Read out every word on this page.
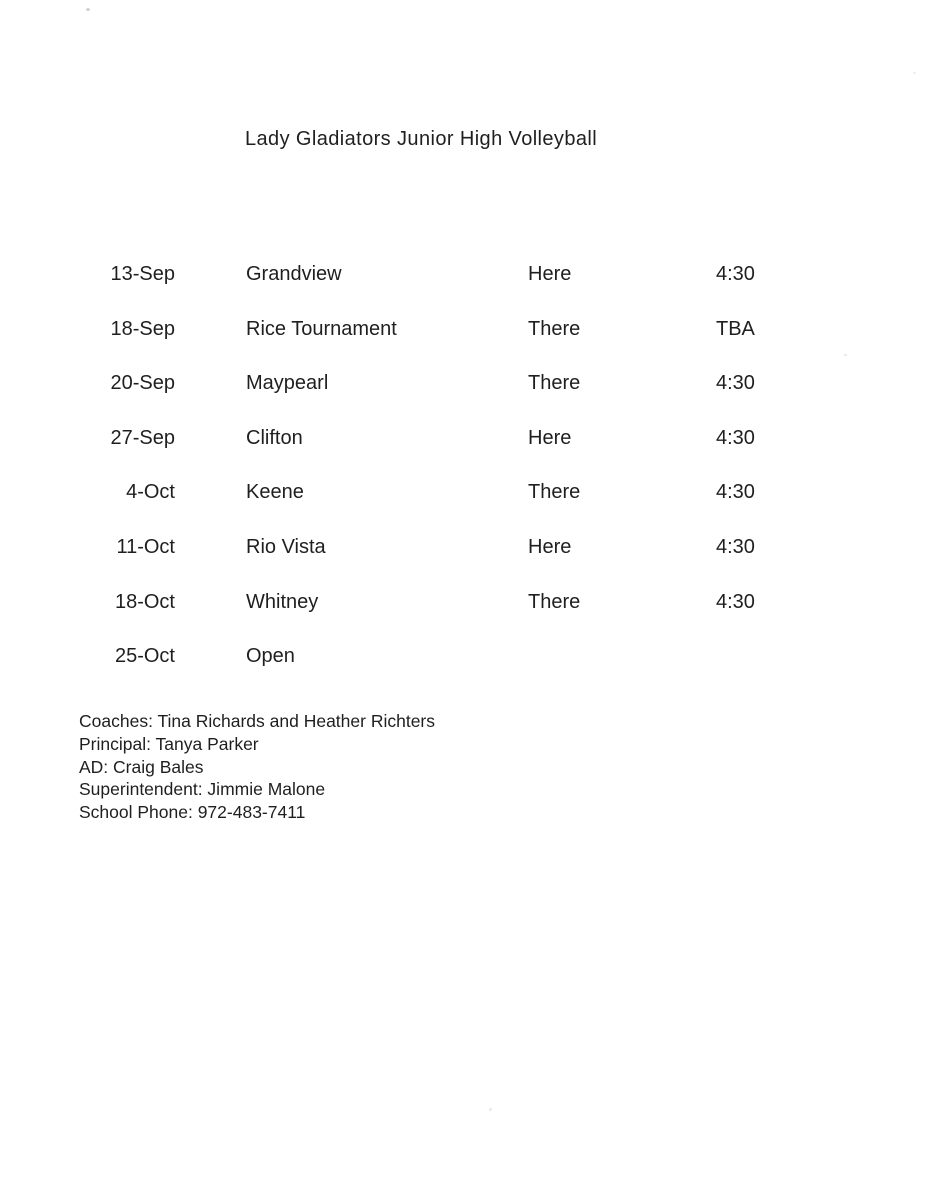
Lady Gladiators Junior High Volleyball
13-Sep	Grandview	Here	4:30
18-Sep	Rice Tournament	There	TBA
20-Sep	Maypearl	There	4:30
27-Sep	Clifton	Here	4:30
4-Oct	Keene	There	4:30
11-Oct	Rio Vista	Here	4:30
18-Oct	Whitney	There	4:30
25-Oct	Open
Coaches: Tina Richards and Heather Richters
Principal: Tanya Parker
AD: Craig Bales
Superintendent: Jimmie Malone
School Phone: 972-483-7411
